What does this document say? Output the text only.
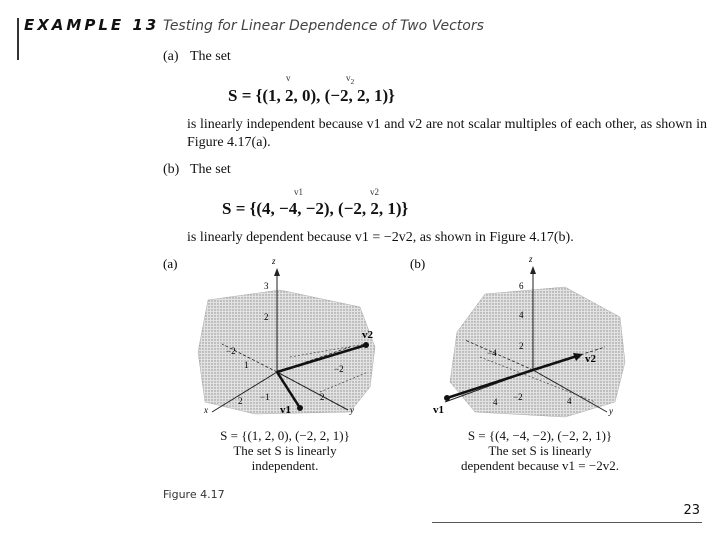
EXAMPLE 13 Testing for Linear Dependence of Two Vectors
(a) The set
v	$v_2$
S = {(1, 2, 0), (−2, 2, 1)}
is linearly independent because v1 and v2 are not scalar multiples of each other, as shown in Figure 4.17(a).
(b) The set
v1	v2
S = {(4, −4, −2), (−2, 2, 1)}
is linearly dependent because v1 = −2v2, as shown in Figure 4.17(b).
(a)	z
x	y
3
2
1
−2
−2
−1
2	2
v2
v1
S = {(1, 2, 0), (−2, 2, 1)}
The set S is linearly
independent.
(b)	z
y
6
4
2
−2
−4
4	4
v1
v2
S = {(4, −4, −2), (−2, 2, 1)}
The set S is linearly
dependent because v1 = −2v2.
Figure 4.17
23
